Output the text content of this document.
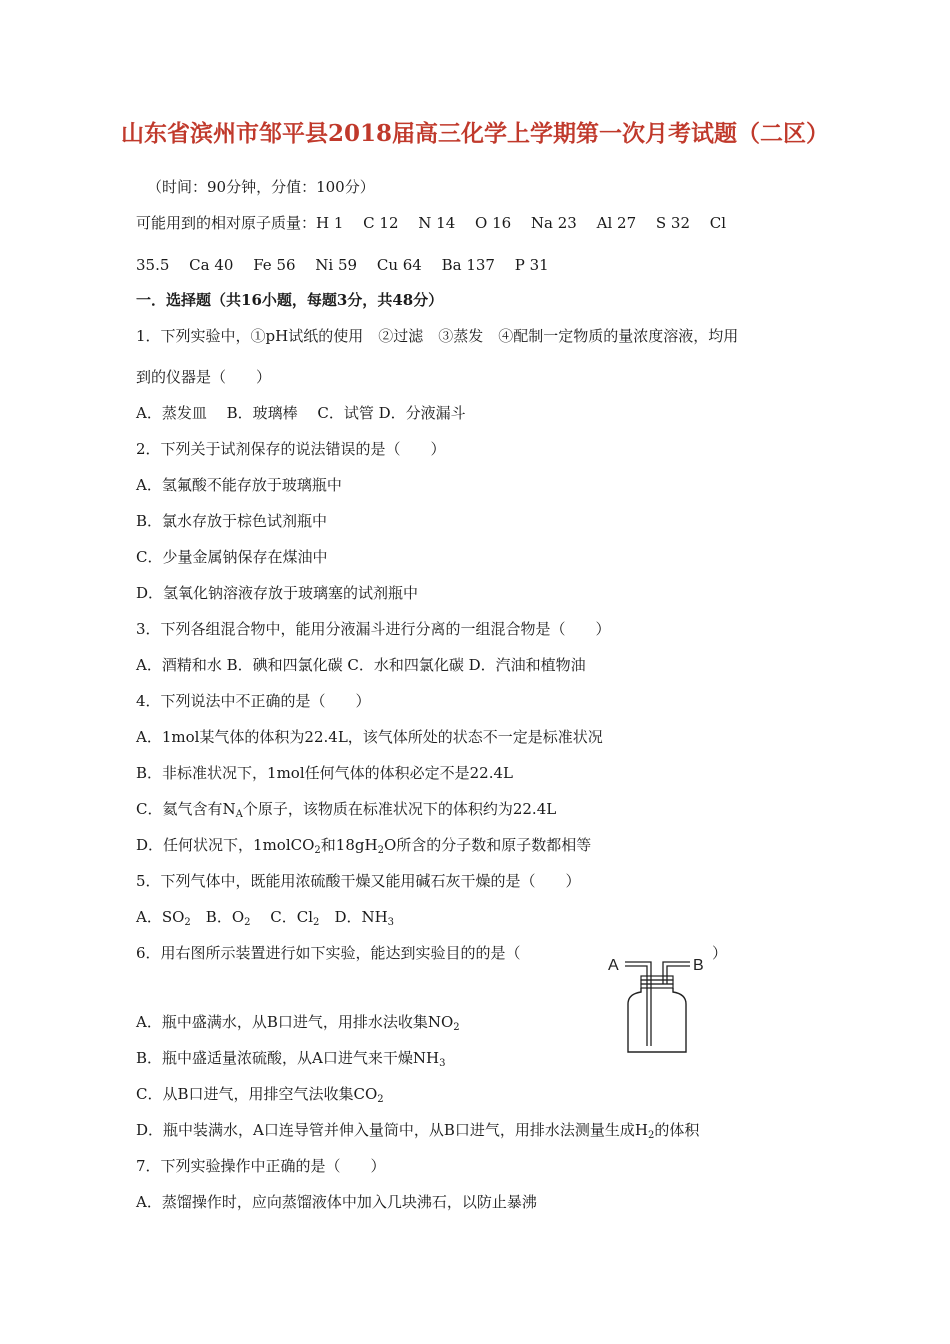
山东省滨州市邹平县2018届高三化学上学期第一次月考试题（二区）
（时间：90分钟，分值：100分）
可能用到的相对原子质量：H 1　 C 12　 N 14　 O 16　 Na 23　 Al 27　 S 32　 Cl
35.5　 Ca 40　 Fe 56　 Ni 59　 Cu 64　 Ba 137　 P 31
一．选择题（共16小题，每题3分，共48分）
1．下列实验中，①pH试纸的使用　②过滤　③蒸发　④配制一定物质的量浓度溶液，均用
到的仪器是（　　）
A．蒸发皿　 B．玻璃棒　 C．试管 D．分液漏斗
2．下列关于试剂保存的说法错误的是（　　）
A．氢氟酸不能存放于玻璃瓶中
B．氯水存放于棕色试剂瓶中
C．少量金属钠保存在煤油中
D．氢氧化钠溶液存放于玻璃塞的试剂瓶中
3．下列各组混合物中，能用分液漏斗进行分离的一组混合物是（　　）
A．酒精和水 B．碘和四氯化碳 C．水和四氯化碳 D．汽油和植物油
4．下列说法中不正确的是（　　）
A．1mol某气体的体积为22.4L，该气体所处的状态不一定是标准状况
B．非标准状况下，1mol任何气体的体积必定不是22.4L
C．氦气含有$N_A$个原子，该物质在标准状况下的体积约为22.4L
D．任何状况下，1molCO$_2$和$18gH_2O$所含的分子数和原子数都相等
5．下列气体中，既能用浓硫酸干燥又能用碱石灰干燥的是（　　）
A．$SO_2$　 B．$O_2$　 C．$Cl_2$　 D．$NH_3$
6．用右图所示装置进行如下实验，能达到实验目的的是（	）
A	B
A．瓶中盛满水，从B口进气，用排水法收集$NO_2$
B．瓶中盛适量浓硫酸，从A口进气来干燥$NH_3$
C．从B口进气，用排空气法收集$CO_2$
D．瓶中装满水，A口连导管并伸入量筒中，从B口进气，用排水法测量生成$H_2$的体积
7．下列实验操作中正确的是（　　）
A．蒸馏操作时，应向蒸馏液体中加入几块沸石，以防止暴沸
